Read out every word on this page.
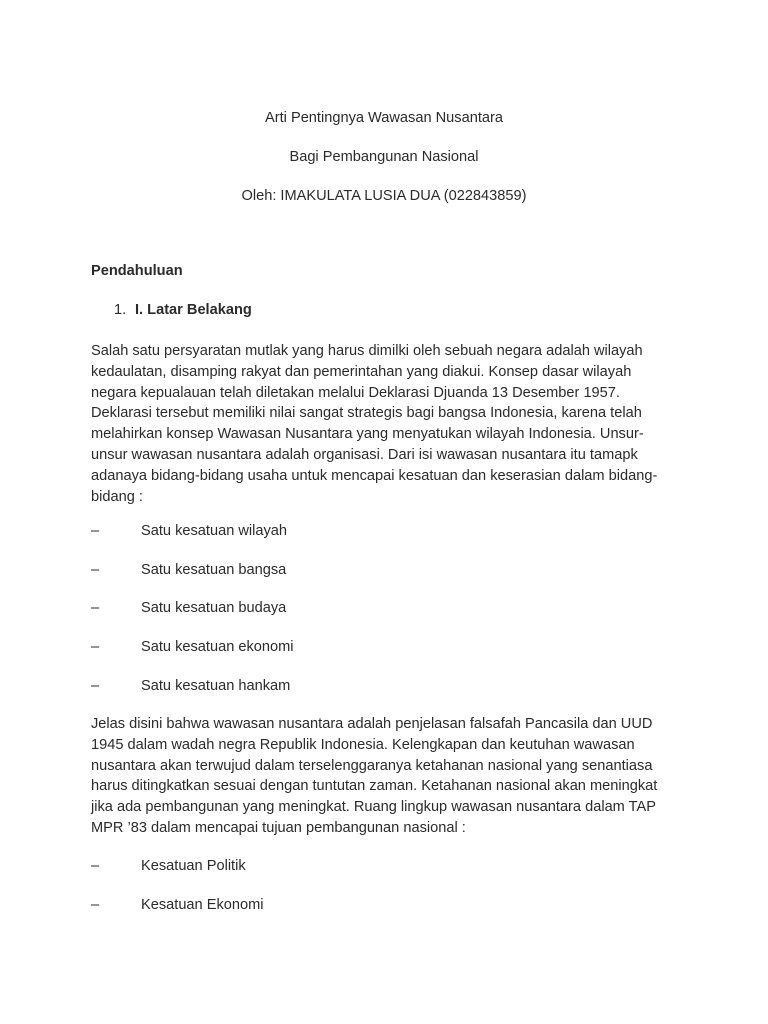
Arti Pentingnya Wawasan Nusantara
Bagi Pembangunan Nasional
Oleh: IMAKULATA LUSIA DUA (022843859)
Pendahuluan
1. I. Latar Belakang
Salah satu persyaratan mutlak yang harus dimilki oleh sebuah negara adalah wilayah
kedaulatan, disamping rakyat dan pemerintahan yang diakui. Konsep dasar wilayah
negara kepualauan telah diletakan melalui Deklarasi Djuanda 13 Desember 1957.
Deklarasi tersebut memiliki nilai sangat strategis bagi bangsa Indonesia, karena telah
melahirkan konsep Wawasan Nusantara yang menyatukan wilayah Indonesia. Unsur-
unsur wawasan nusantara adalah organisasi. Dari isi wawasan nusantara itu tamapk
adanaya bidang-bidang usaha untuk mencapai kesatuan dan keserasian dalam bidang-
bidang :
–	Satu kesatuan wilayah
–	Satu kesatuan bangsa
–	Satu kesatuan budaya
–	Satu kesatuan ekonomi
–	Satu kesatuan hankam
Jelas disini bahwa wawasan nusantara adalah penjelasan falsafah Pancasila dan UUD
1945 dalam wadah negra Republik Indonesia. Kelengkapan dan keutuhan wawasan
nusantara akan terwujud dalam terselenggaranya ketahanan nasional yang senantiasa
harus ditingkatkan sesuai dengan tuntutan zaman. Ketahanan nasional akan meningkat
jika ada pembangunan yang meningkat. Ruang lingkup wawasan nusantara dalam TAP
MPR ’83 dalam mencapai tujuan pembangunan nasional :
–	Kesatuan Politik
–	Kesatuan Ekonomi
